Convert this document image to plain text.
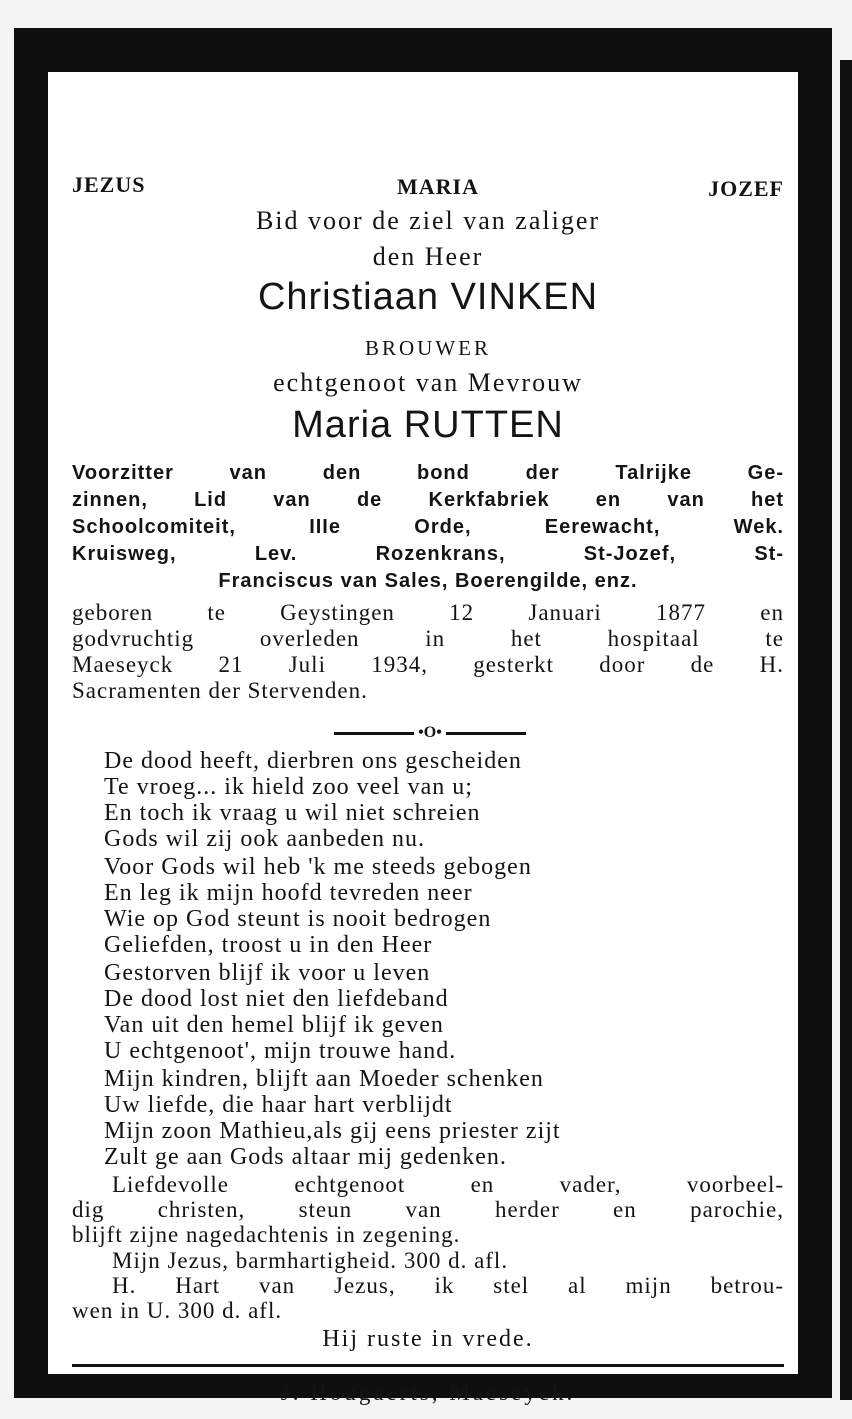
JEZUS	MARIA	JOZEF
Bid voor de ziel van zaliger
den Heer
Christiaan VINKEN
BROUWER
echtgenoot van Mevrouw
Maria RUTTEN
Voorzitter van den bond der Talrijke Ge-
zinnen, Lid van de Kerkfabriek en van het
Schoolcomiteit, IIIe Orde, Eerewacht, Wek.
Kruisweg, Lev. Rozenkrans, St-Jozef, St-
Franciscus van Sales, Boerengilde, enz.
geboren te Geystingen 12 Januari 1877 en
godvruchtig overleden in het hospitaal te
Maeseyck 21 Juli 1934, gesterkt door de H.
Sacramenten der Stervenden.
•O•
De dood heeft, dierbren ons gescheiden
Te vroeg... ik hield zoo veel van u;
En toch ik vraag u wil niet schreien
Gods wil zij ook aanbeden nu.
Voor Gods wil heb 'k me steeds gebogen
En leg ik mijn hoofd tevreden neer
Wie op God steunt is nooit bedrogen
Geliefden, troost u in den Heer
Gestorven blijf ik voor u leven
De dood lost niet den liefdeband
Van uit den hemel blijf ik geven
U echtgenoot', mijn trouwe hand.
Mijn kindren, blijft aan Moeder schenken
Uw liefde, die haar hart verblijdt
Mijn zoon Mathieu,als gij eens priester zijt
Zult ge aan Gods altaar mij gedenken.
Liefdevolle echtgenoot en vader, voorbeel-
dig christen, steun van herder en parochie,
blijft zijne nagedachtenis in zegening.
Mijn Jezus, barmhartigheid. 300 d. afl.
H. Hart van Jezus, ik stel al mijn betrou-
wen in U. 300 d. afl.
Hij ruste in vrede.
J. Hougaerts, Maeseyck.
